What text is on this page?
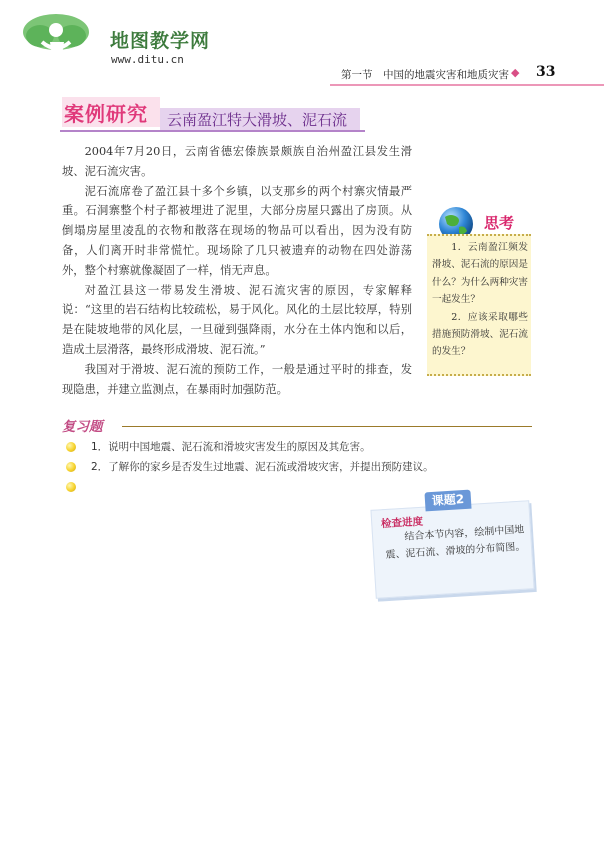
地图教学网
www.ditu.cn
第一节　中国的地震灾害和地质灾害 ◆ 33
案例研究 云南盈江特大滑坡、泥石流

2004年7月20日，云南省德宏傣族景颇族自治州盈江县发生滑坡、泥石流灾害。

泥石流席卷了盈江县十多个乡镇，以支那乡的两个村寨灾情最严重。石洞寨整个村子都被埋进了泥里，大部分房屋只露出了房顶。从倒塌房屋里凌乱的衣物和散落在现场的物品可以看出，因为没有防备，人们离开时非常慌忙。现场除了几只被遗弃的动物在四处游荡外，整个村寨就像凝固了一样，悄无声息。

对盈江县这一带易发生滑坡、泥石流灾害的原因，专家解释说：“这里的岩石结构比较疏松，易于风化。风化的土层比较厚，特别是在陡坡地带的风化层，一旦碰到强降雨，水分在土体内饱和以后，造成土层滑落，最终形成滑坡、泥石流。”

我国对于滑坡、泥石流的预防工作，一般是通过平时的排查，发现隐患，并建立监测点，在暴雨时加强防范。

思考

1．云南盈江频发滑坡、泥石流的原因是什么？为什么两种灾害一起发生？

2．应该采取哪些措施预防滑坡、泥石流的发生？

复习题
1．说明中国地震、泥石流和滑坡灾害发生的原因及其危害。
2．了解你的家乡是否发生过地震、泥石流或滑坡灾害，并提出预防建议。
课题2
检查进度

结合本节内容，绘制中国地震、泥石流、滑坡的分布简图。
